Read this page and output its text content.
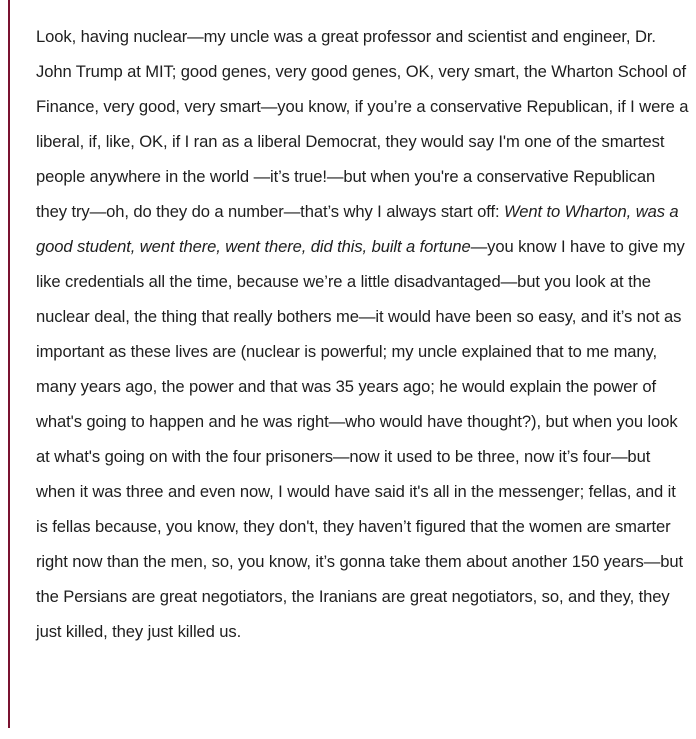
Look, having nuclear—my uncle was a great professor and scientist and engineer, Dr. John Trump at MIT; good genes, very good genes, OK, very smart, the Wharton School of Finance, very good, very smart—you know, if you’re a conservative Republican, if I were a liberal, if, like, OK, if I ran as a liberal Democrat, they would say I'm one of the smartest people anywhere in the world —it’s true!—but when you're a conservative Republican they try—oh, do they do a number—that’s why I always start off: Went to Wharton, was a good student, went there, went there, did this, built a fortune—you know I have to give my like credentials all the time, because we’re a little disadvantaged—but you look at the nuclear deal, the thing that really bothers me—it would have been so easy, and it’s not as important as these lives are (nuclear is powerful; my uncle explained that to me many, many years ago, the power and that was 35 years ago; he would explain the power of what's going to happen and he was right—who would have thought?), but when you look at what's going on with the four prisoners—now it used to be three, now it’s four—but when it was three and even now, I would have said it's all in the messenger; fellas, and it is fellas because, you know, they don't, they haven’t figured that the women are smarter right now than the men, so, you know, it’s gonna take them about another 150 years—but the Persians are great negotiators, the Iranians are great negotiators, so, and they, they just killed, they just killed us.
